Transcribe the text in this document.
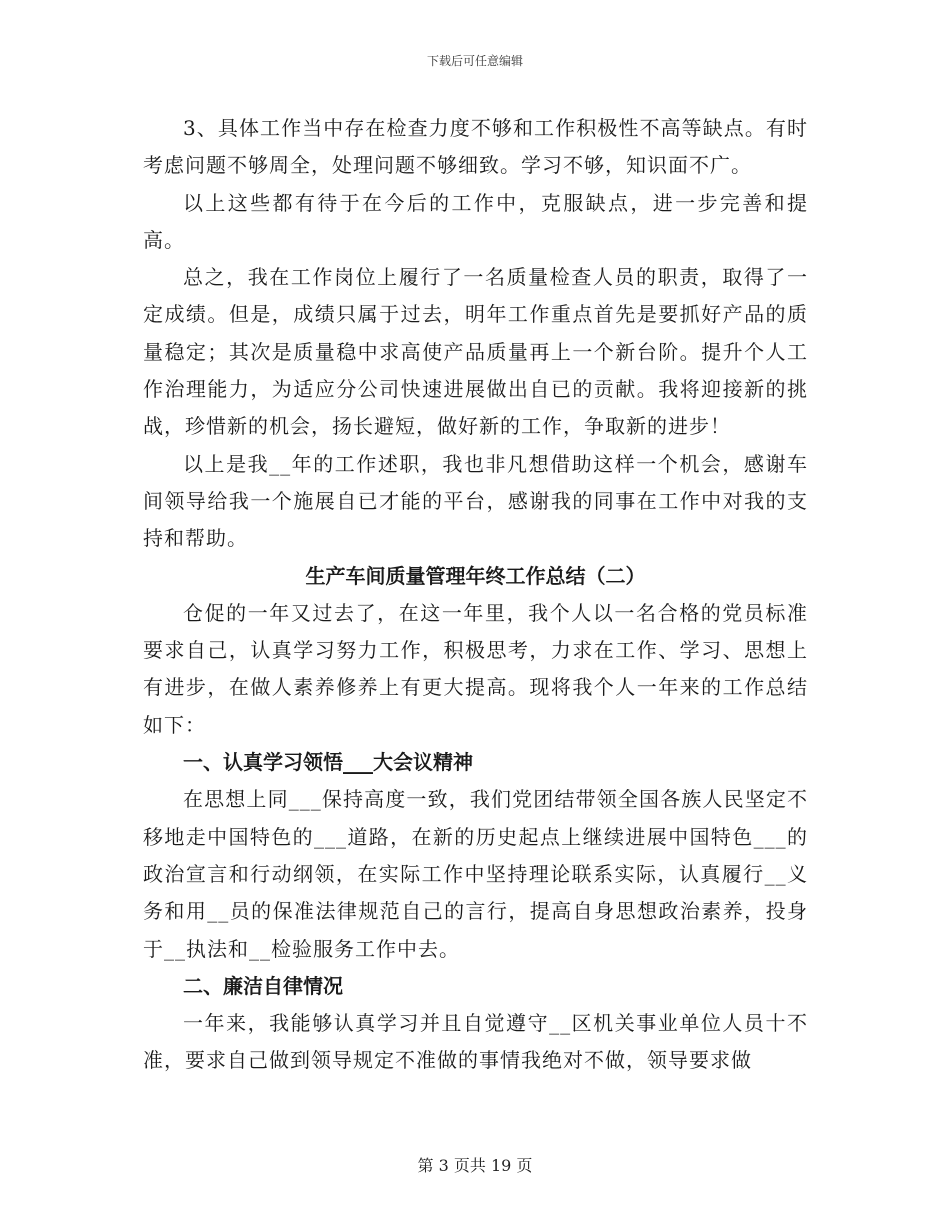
下载后可任意编辑

3、具体工作当中存在检查力度不够和工作积极性不高等缺点。有时考虑问题不够周全，处理问题不够细致。学习不够，知识面不广。

以上这些都有待于在今后的工作中，克服缺点，进一步完善和提高。

总之，我在工作岗位上履行了一名质量检查人员的职责，取得了一定成绩。但是，成绩只属于过去，明年工作重点首先是要抓好产品的质量稳定；其次是质量稳中求高使产品质量再上一个新台阶。提升个人工作治理能力，为适应分公司快速进展做出自已的贡献。我将迎接新的挑战，珍惜新的机会，扬长避短，做好新的工作，争取新的进步！

以上是我__年的工作述职，我也非凡想借助这样一个机会，感谢车间领导给我一个施展自已才能的平台，感谢我的同事在工作中对我的支持和帮助。

生产车间质量管理年终工作总结（二）

仓促的一年又过去了，在这一年里，我个人以一名合格的党员标准要求自己，认真学习努力工作，积极思考，力求在工作、学习、思想上有进步，在做人素养修养上有更大提高。现将我个人一年来的工作总结如下：

一、认真学习领悟___大会议精神

在思想上同___保持高度一致，我们党团结带领全国各族人民坚定不移地走中国特色的___道路，在新的历史起点上继续进展中国特色___的政治宣言和行动纲领，在实际工作中坚持理论联系实际，认真履行__义务和用__员的保准法律规范自己的言行，提高自身思想政治素养，投身于__执法和__检验服务工作中去。

二、廉洁自律情况

一年来，我能够认真学习并且自觉遵守__区机关事业单位人员十不准，要求自己做到领导规定不准做的事情我绝对不做，领导要求做

第 3 页共 19 页
